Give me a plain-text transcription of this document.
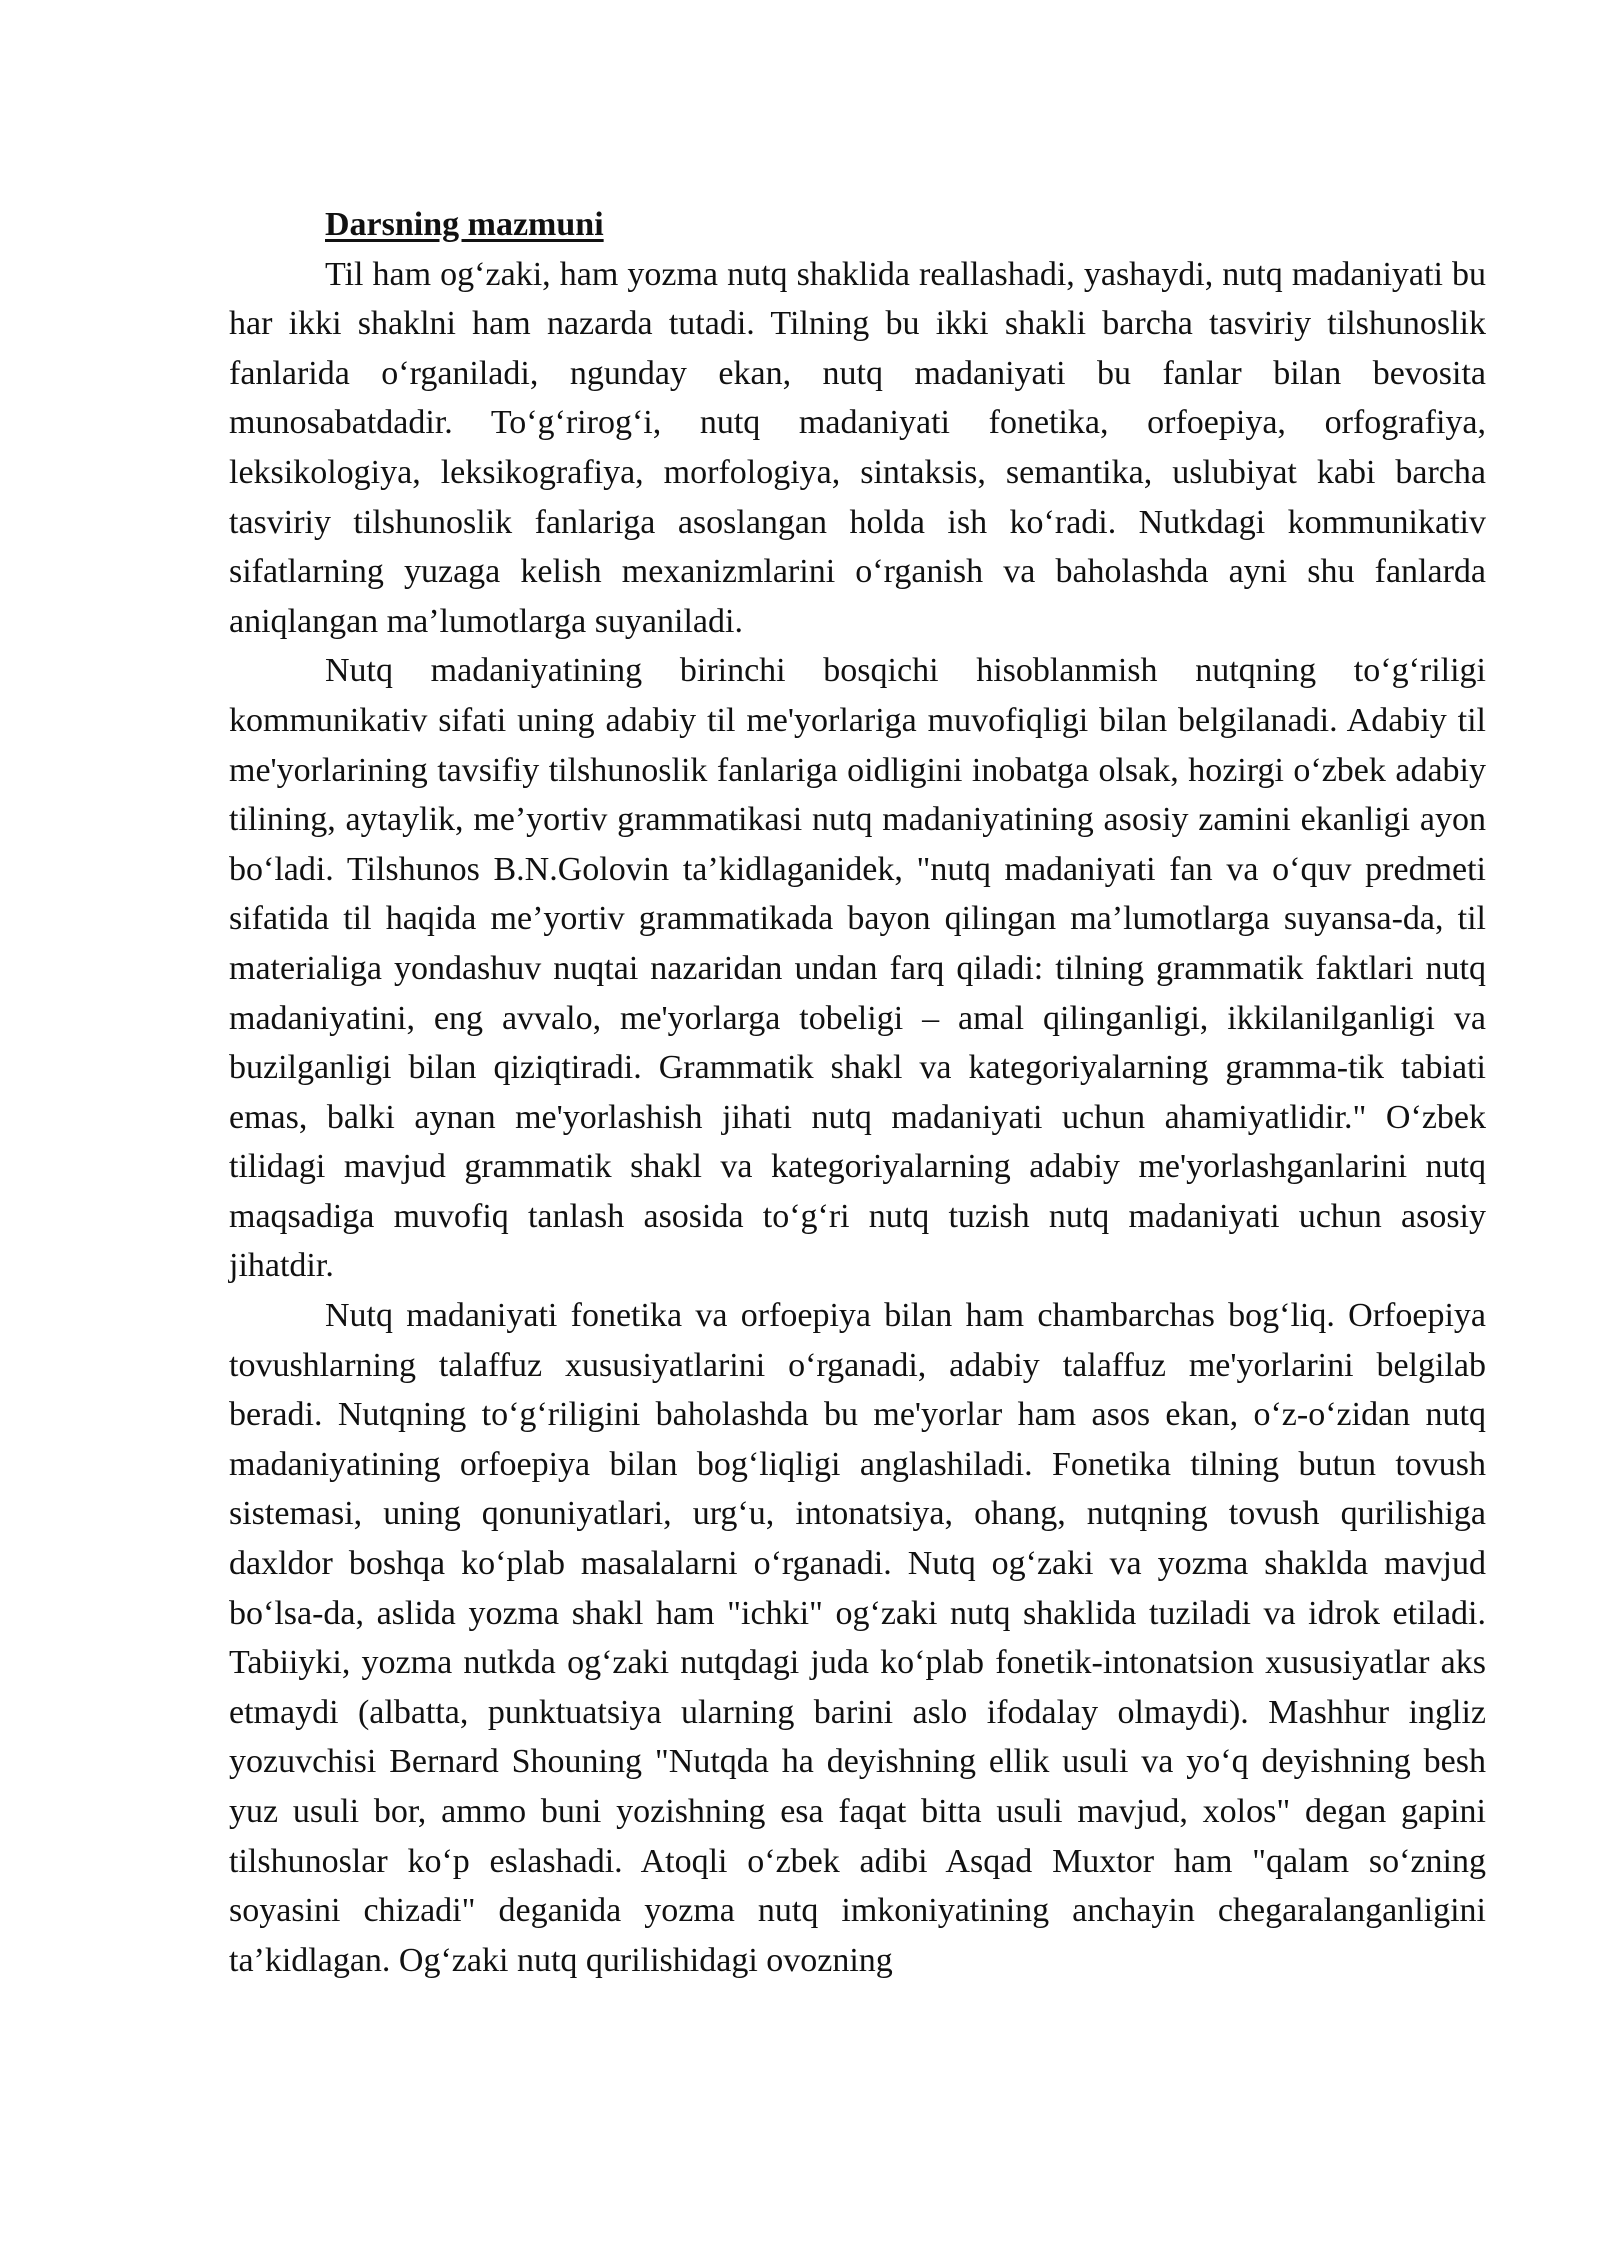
Darsning mazmuni

Til ham og‘zaki, ham yozma nutq shaklida reallashadi, yashaydi, nutq madaniyati bu har ikki shaklni ham nazarda tutadi. Tilning bu ikki shakli barcha tasviriy tilshunoslik fanlarida o‘rganiladi, ngunday ekan, nutq madaniyati bu fanlar bilan bevosita munosabatdadir. To‘g‘rirog‘i, nutq madaniyati fonetika, orfoepiya, orfografiya, leksikologiya, leksikografiya, morfologiya, sintaksis, semantika, uslubiyat kabi barcha tasviriy tilshunoslik fanlariga asoslangan holda ish ko‘radi. Nutkdagi kommunikativ sifatlarning yuzaga kelish mexanizmlarini o‘rganish va baholashda ayni shu fanlarda aniqlangan ma’lumotlarga suyaniladi.

Nutq madaniyatining birinchi bosqichi hisoblanmish nutqning to‘g‘riligi kommunikativ sifati uning adabiy til me'yorlariga muvofiqligi bilan belgilanadi. Adabiy til me'yorlarining tavsifiy tilshunoslik fanlariga oidligini inobatga olsak, hozirgi o‘zbek adabiy tilining, aytaylik, me’yortiv grammatikasi nutq madaniyatining asosiy zamini ekanligi ayon bo‘ladi. Tilshunos B.N.Golovin ta’kidlaganidek, "nutq madaniyati fan va o‘quv predmeti sifatida til haqida me’yortiv grammatikada bayon qilingan ma’lumotlarga suyansa-da, til materialiga yondashuv nuqtai nazaridan undan farq qiladi: tilning grammatik faktlari nutq madaniyatini, eng avvalo, me'yorlarga tobeligi – amal qilinganligi, ikkilanilganligi va buzilganligi bilan qiziqtiradi. Grammatik shakl va kategoriyalarning gramma-tik tabiati emas, balki aynan me'yorlashish jihati nutq madaniyati uchun ahamiyatlidir." O‘zbek tilidagi mavjud grammatik shakl va kategoriyalarning adabiy me'yorlashganlarini nutq maqsadiga muvofiq tanlash asosida to‘g‘ri nutq tuzish nutq madaniyati uchun asosiy jihatdir.

Nutq madaniyati fonetika va orfoepiya bilan ham chambarchas bog‘liq. Orfoepiya tovushlarning talaffuz xususiyatlarini o‘rganadi, adabiy talaffuz me'yorlarini belgilab beradi. Nutqning to‘g‘riligini baholashda bu me'yorlar ham asos ekan, o‘z-o‘zidan nutq madaniyatining orfoepiya bilan bog‘liqligi anglashiladi. Fonetika tilning butun tovush sistemasi, uning qonuniyatlari, urg‘u, intonatsiya, ohang, nutqning tovush qurilishiga daxldor boshqa ko‘plab masalalarni o‘rganadi. Nutq og‘zaki va yozma shaklda mavjud bo‘lsa-da, aslida yozma shakl ham "ichki" og‘zaki nutq shaklida tuziladi va idrok etiladi. Tabiiyki, yozma nutkda og‘zaki nutqdagi juda ko‘plab fonetik-intonatsion xususiyatlar aks etmaydi (albatta, punktuatsiya ularning barini aslo ifodalay olmaydi). Mashhur ingliz yozuvchisi Bernard Shouning "Nutqda ha deyishning ellik usuli va yo‘q deyishning besh yuz usuli bor, ammo buni yozishning esa faqat bitta usuli mavjud, xolos" degan gapini tilshunoslar ko‘p eslashadi. Atoqli o‘zbek adibi Asqad Muxtor ham "qalam so‘zning soyasini chizadi" deganida yozma nutq imkoniyatining anchayin chegaralanganligini ta’kidlagan. Og‘zaki nutq qurilishidagi ovozning
